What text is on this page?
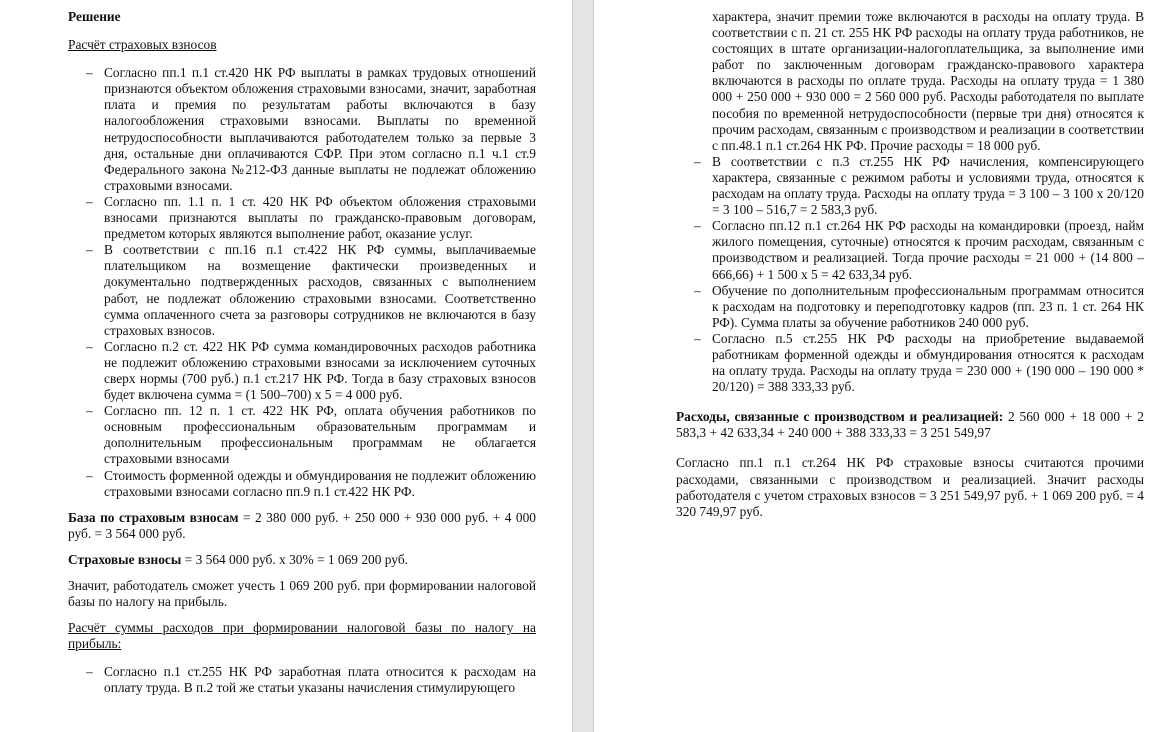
Решение

Расчёт страховых взносов

– Согласно пп.1 п.1 ст.420 НК РФ выплаты в рамках трудовых отношений признаются объектом обложения страховыми взносами, значит, заработная плата и премия по результатам работы включаются в базу налогообложения страховыми взносами. Выплаты по временной нетрудоспособности выплачиваются работодателем только за первые 3 дня, остальные дни оплачиваются СФР. При этом согласно п.1 ч.1 ст.9 Федерального закона №212-ФЗ данные выплаты не подлежат обложению страховыми взносами.
– Согласно пп. 1.1 п. 1 ст. 420 НК РФ объектом обложения страховыми взносами признаются выплаты по гражданско-правовым договорам, предметом которых являются выполнение работ, оказание услуг.
– В соответствии с пп.16 п.1 ст.422 НК РФ суммы, выплачиваемые плательщиком на возмещение фактически произведенных и документально подтвержденных расходов, связанных с выполнением работ, не подлежат обложению страховыми взносами. Соответственно сумма оплаченного счета за разговоры сотрудников не включаются в базу страховых взносов.
– Согласно п.2 ст. 422 НК РФ сумма командировочных расходов работника не подлежит обложению страховыми взносами за исключением суточных сверх нормы (700 руб.) п.1 ст.217 НК РФ. Тогда в базу страховых взносов будет включена сумма = (1 500–700) х 5 = 4 000 руб.
– Согласно пп. 12 п. 1 ст. 422 НК РФ, оплата обучения работников по основным профессиональным образовательным программам и дополнительным профессиональным программам не облагается страховыми взносами
– Стоимость форменной одежды и обмундирования не подлежит обложению страховыми взносами согласно пп.9 п.1 ст.422 НК РФ.

База по страховым взносам = 2 380 000 руб. + 250 000 + 930 000 руб. + 4 000 руб. = 3 564 000 руб.

Страховые взносы = 3 564 000 руб. х 30% = 1 069 200 руб.

Значит, работодатель сможет учесть 1 069 200 руб. при формировании налоговой базы по налогу на прибыль.

Расчёт суммы расходов при формировании налоговой базы по налогу на прибыль:

– Согласно п.1 ст.255 НК РФ заработная плата относится к расходам на оплату труда. В п.2 той же статьи указаны начисления стимулирующего
характера, значит премии тоже включаются в расходы на оплату труда. В соответствии с п. 21 ст. 255 НК РФ расходы на оплату труда работников, не состоящих в штате организации-налогоплательщика, за выполнение ими работ по заключенным договорам гражданско-правового характера включаются в расходы по оплате труда. Расходы на оплату труда = 1 380 000 + 250 000 + 930 000 = 2 560 000 руб. Расходы работодателя по выплате пособия по временной нетрудоспособности (первые три дня) относятся к прочим расходам, связанным с производством и реализации в соответствии с пп.48.1 п.1 ст.264 НК РФ. Прочие расходы = 18 000 руб.
– В соответствии с п.3 ст.255 НК РФ начисления, компенсирующего характера, связанные с режимом работы и условиями труда, относятся к расходам на оплату труда. Расходы на оплату труда = 3 100 – 3 100 х 20/120 = 3 100 – 516,7 = 2 583,3 руб.
– Согласно пп.12 п.1 ст.264 НК РФ расходы на командировки (проезд, найм жилого помещения, суточные) относятся к прочим расходам, связанным с производством и реализацией. Тогда прочие расходы = 21 000 + (14 800 – 666,66) + 1 500 х 5 = 42 633,34 руб.
– Обучение по дополнительным профессиональным программам относится к расходам на подготовку и переподготовку кадров (пп. 23 п. 1 ст. 264 НК РФ). Сумма платы за обучение работников 240 000 руб.
– Согласно п.5 ст.255 НК РФ расходы на приобретение выдаваемой работникам форменной одежды и обмундирования относятся к расходам на оплату труда. Расходы на оплату труда = 230 000 + (190 000 – 190 000 * 20/120) = 388 333,33 руб.

Расходы, связанные с производством и реализацией: 2 560 000 + 18 000 + 2 583,3 + 42 633,34 + 240 000 + 388 333,33 = 3 251 549,97

Согласно пп.1 п.1 ст.264 НК РФ страховые взносы считаются прочими расходами, связанными с производством и реализацией. Значит расходы работодателя с учетом страховых взносов = 3 251 549,97 руб. + 1 069 200 руб. = 4 320 749,97 руб.
